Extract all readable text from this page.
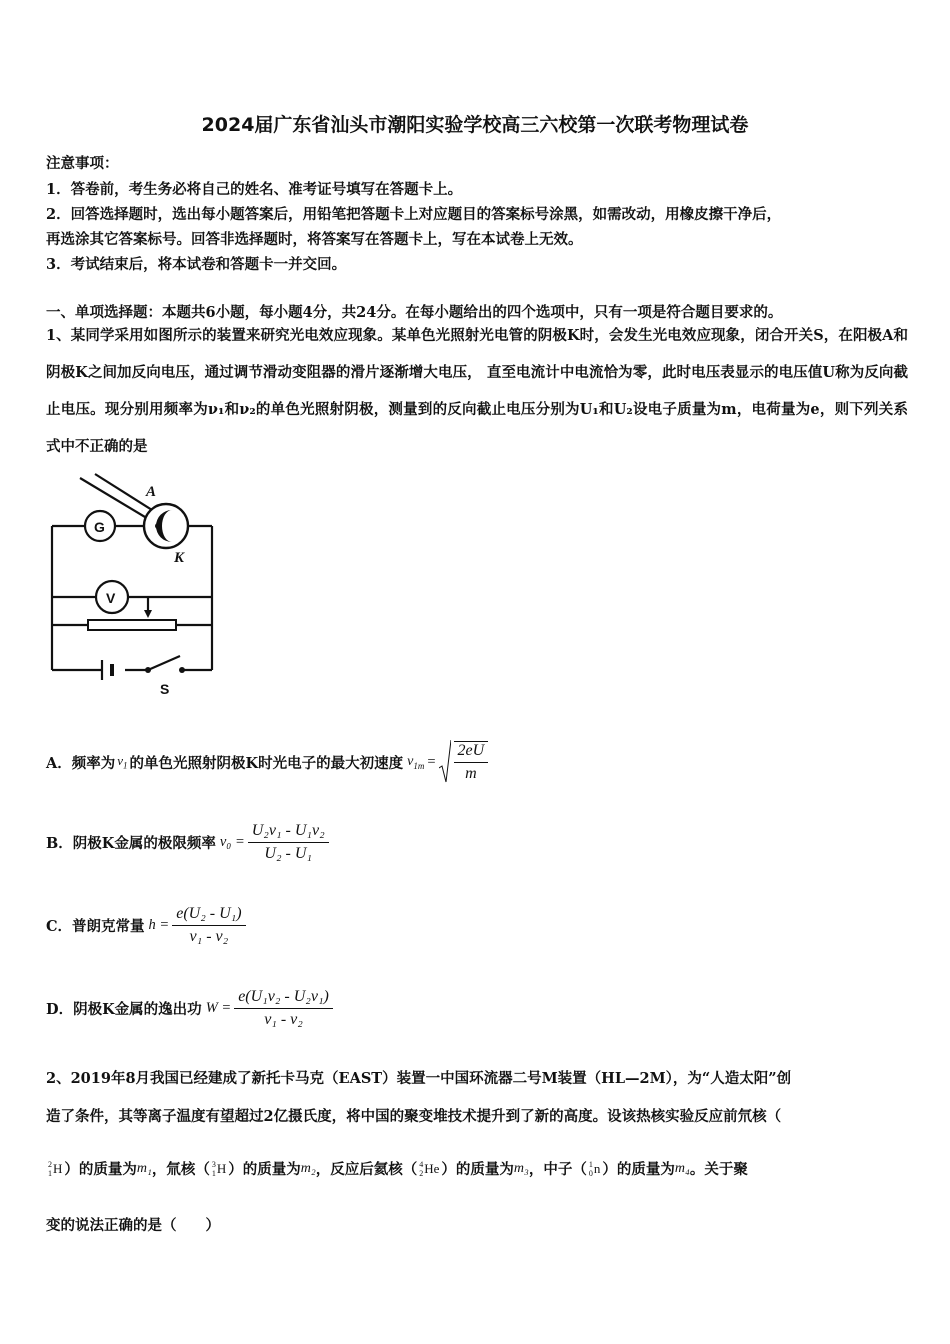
2024届广东省汕头市潮阳实验学校高三六校第一次联考物理试卷
注意事项：
1．答卷前，考生务必将自己的姓名、准考证号填写在答题卡上。
2．回答选择题时，选出每小题答案后，用铅笔把答题卡上对应题目的答案标号涂黑，如需改动，用橡皮擦干净后，
再选涂其它答案标号。回答非选择题时，将答案写在答题卡上，写在本试卷上无效。
3．考试结束后，将本试卷和答题卡一并交回。
一、单项选择题：本题共6小题，每小题4分，共24分。在每小题给出的四个选项中，只有一项是符合题目要求的。
1、某同学采用如图所示的装置来研究光电效应现象。某单色光照射光电管的阴极K时，会发生光电效应现象，闭合开关S，在阳极A和阴极K之间加反向电压，通过调节滑动变阻器的滑片逐渐增大电压， 直至电流计中电流恰为零，此时电压表显示的电压值U称为反向截止电压。现分别用频率为ν₁和ν₂的单色光照射阴极，测量到的反向截止电压分别为U₁和U₂设电子质量为m，电荷量为e，则下列关系 式中不正确的是
A
K
G
V
S
A．频率为 $\nu_1$ 的单色光照射阴极K时光电子的最大初速度 $v_{1m} = \frac{2eU}{m}$
B．阴极K金属的极限频率 $v_0 = \frac{\text{U₂v₁ - U₁v₂}}{\text{U₂ - U₁}}$
C．普朗克常量 $h = \frac{\text{e(U₂ - U₁)}}{\text{v₁ - v₂}}$
D．阴极K金属的逸出功 $W = \frac{\text{e(U₁v₂ - U₂v₁)}}{\text{v₁ - v₂}}$
2、2019年8月我国已经建成了新托卡马克（EAST）装置一中国环流器二号M装置（HL—2M），为“人造太阳”创
造了条件，其等离子温度有望超过2亿摄氏度，将中国的聚变堆技术提升到了新的高度。设该热核实验反应前氘核（
2
1 H ）的质量为 m₁ ，氚核（ 3
1 H ）的质量为 m₂ ，反应后氦核（ 4
2 He ）的质量为 m₃ ，中子（ 1
0 n ）的质量为 m₄ 。关于聚
变的说法正确的是（　　）
